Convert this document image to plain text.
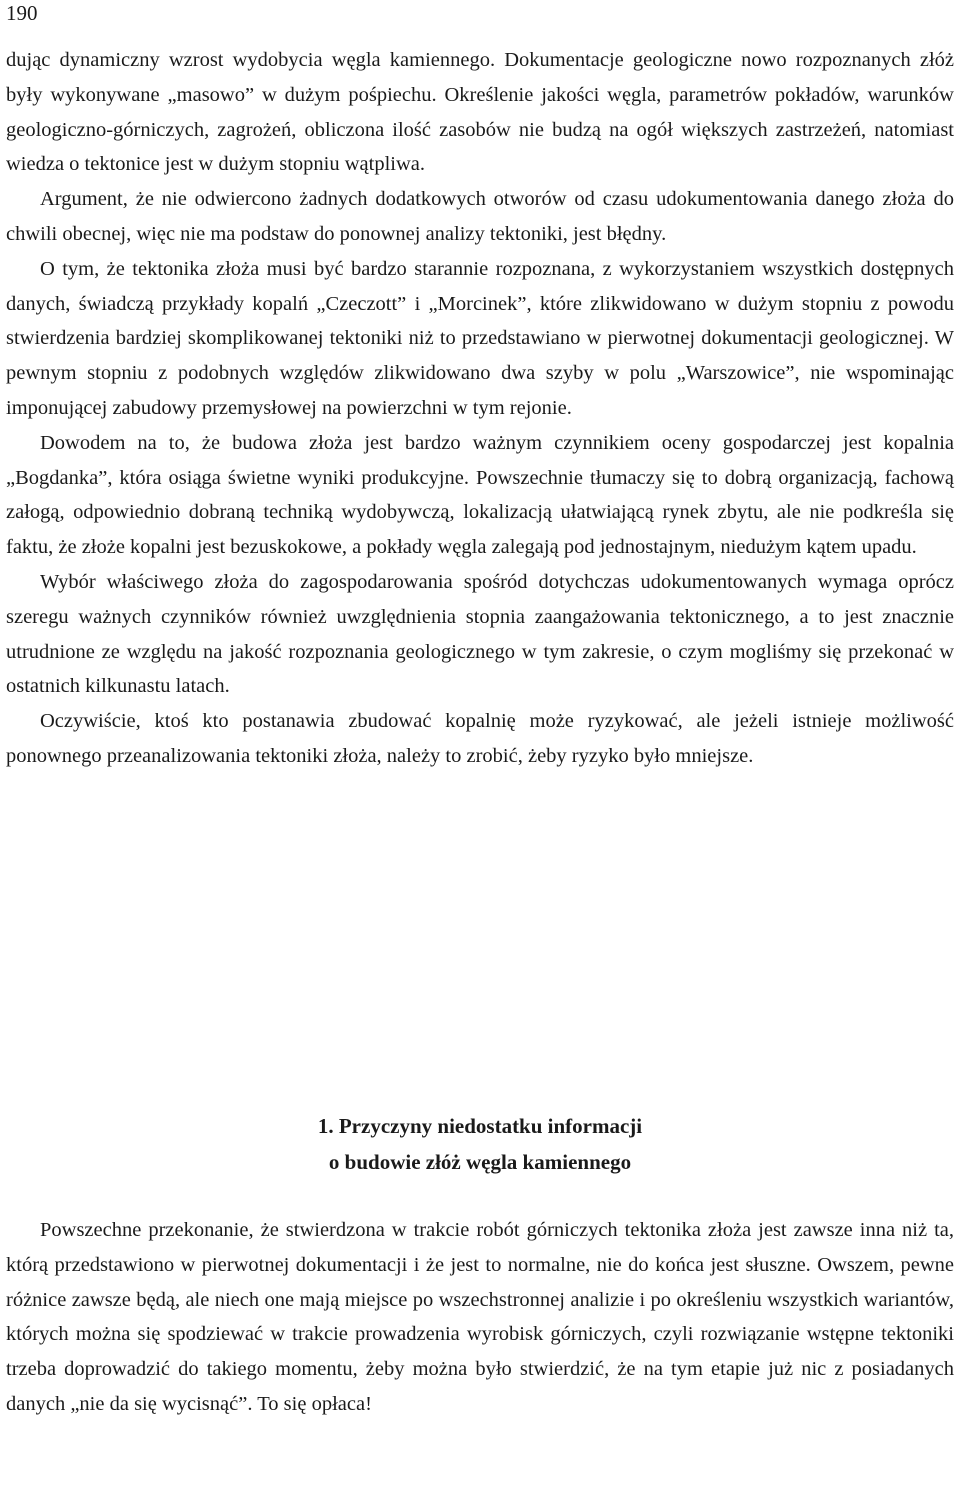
190

dując dynamiczny wzrost wydobycia węgla kamiennego. Dokumentacje geologiczne nowo rozpoznanych złóż były wykonywane „masowo” w dużym pośpiechu. Określenie jakości węgla, parametrów pokładów, warunków geologiczno-górniczych, zagrożeń, obliczona ilość zasobów nie budzą na ogół większych zastrzeżeń, natomiast wiedza o tektonice jest w dużym stopniu wątpliwa.

Argument, że nie odwiercono żadnych dodatkowych otworów od czasu udokumentowania danego złoża do chwili obecnej, więc nie ma podstaw do ponownej analizy tektoniki, jest błędny.

O tym, że tektonika złoża musi być bardzo starannie rozpoznana, z wykorzystaniem wszystkich dostępnych danych, świadczą przykłady kopalń „Czeczott” i „Morcinek”, które zlikwidowano w dużym stopniu z powodu stwierdzenia bardziej skomplikowanej tektoniki niż to przedstawiano w pierwotnej dokumentacji geologicznej. W pewnym stopniu z podobnych względów zlikwidowano dwa szyby w polu „Warszowice”, nie wspominając imponującej zabudowy przemysłowej na powierzchni w tym rejonie.

Dowodem na to, że budowa złoża jest bardzo ważnym czynnikiem oceny gospodarczej jest kopalnia „Bogdanka”, która osiąga świetne wyniki produkcyjne. Powszechnie tłumaczy się to dobrą organizacją, fachową załogą, odpowiednio dobraną techniką wydobywczą, lokalizacją ułatwiającą rynek zbytu, ale nie podkreśla się faktu, że złoże kopalni jest bezuskokowe, a pokłady węgla zalegają pod jednostajnym, niedużym kątem upadu.

Wybór właściwego złoża do zagospodarowania spośród dotychczas udokumentowanych wymaga oprócz szeregu ważnych czynników również uwzględnienia stopnia zaangażowania tektonicznego, a to jest znacznie utrudnione ze względu na jakość rozpoznania geologicznego w tym zakresie, o czym mogliśmy się przekonać w ostatnich kilkunastu latach.

Oczywiście, ktoś kto postanawia zbudować kopalnię może ryzykować, ale jeżeli istnieje możliwość ponownego przeanalizowania tektoniki złoża, należy to zrobić, żeby ryzyko było mniejsze.

1. Przyczyny niedostatku informacji
o budowie złóż węgla kamiennego

Powszechne przekonanie, że stwierdzona w trakcie robót górniczych tektonika złoża jest zawsze inna niż ta, którą przedstawiono w pierwotnej dokumentacji i że jest to normalne, nie do końca jest słuszne. Owszem, pewne różnice zawsze będą, ale niech one mają miejsce po wszechstronnej analizie i po określeniu wszystkich wariantów, których można się spodziewać w trakcie prowadzenia wyrobisk górniczych, czyli rozwiązanie wstępne tektoniki trzeba doprowadzić do takiego momentu, żeby można było stwierdzić, że na tym etapie już nic z posiadanych danych „nie da się wycisnąć”. To się opłaca!
